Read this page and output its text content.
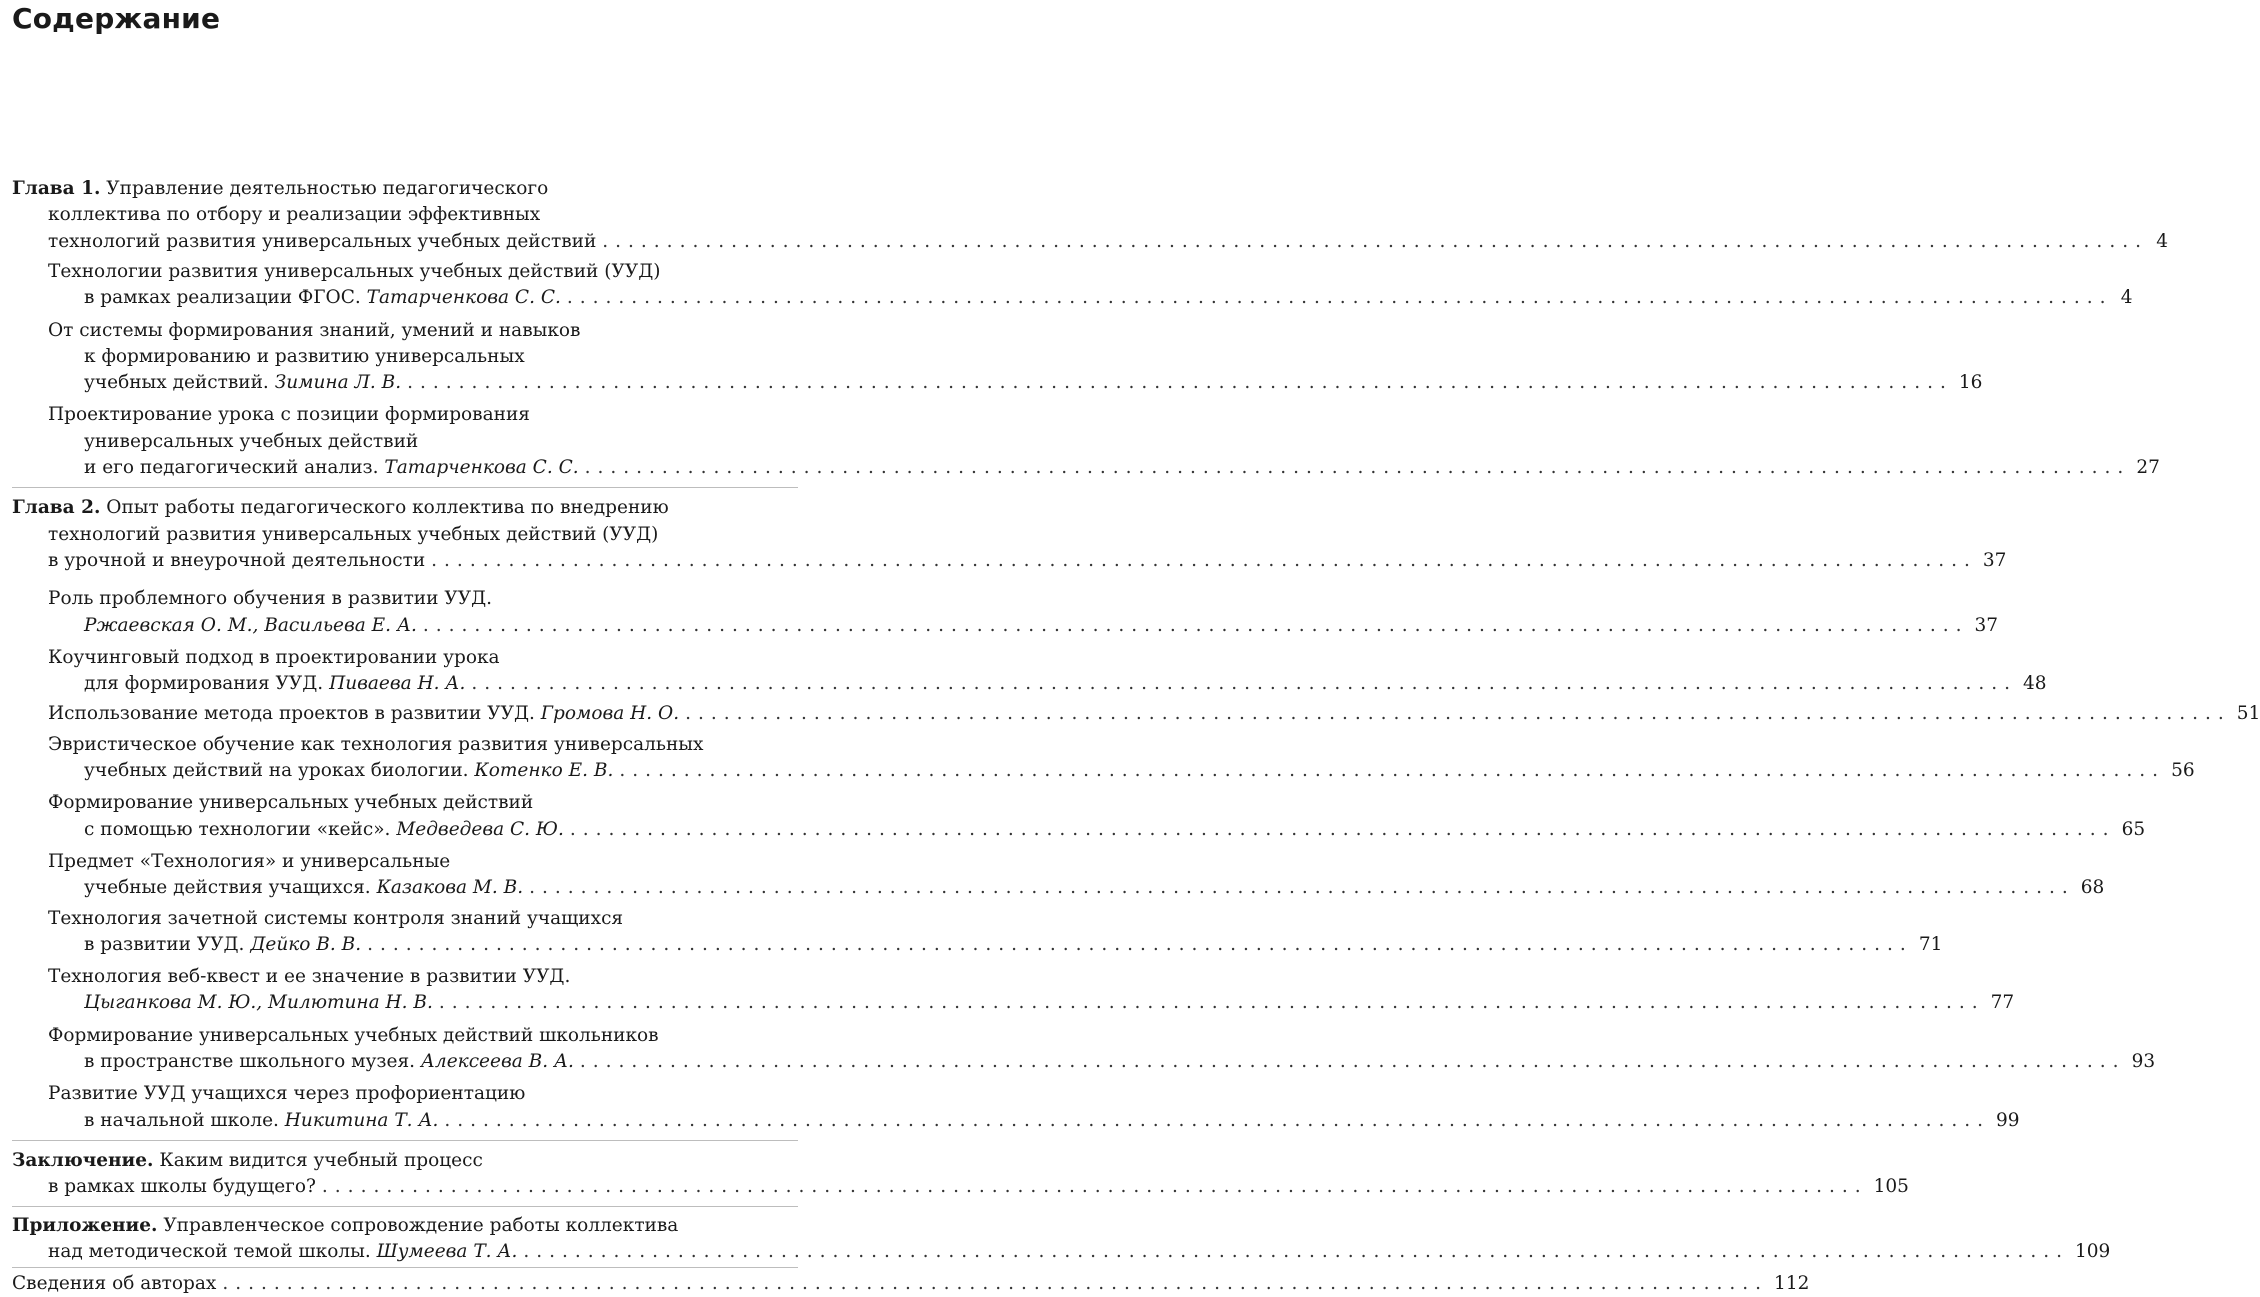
Содержание
Глава 1. Управление деятельностью педагогического
коллектива по отбору и реализации эффективных
технологий развития универсальных учебных действий ........................................................................................................................ 4
Технологии развития универсальных учебных действий (УУД)
в рамках реализации ФГОС. Татарченкова С. С. ........................................................................................................................ 4
От системы формирования знаний, умений и навыков
к формированию и развитию универсальных
учебных действий. Зимина Л. В. ........................................................................................................................ 16
Проектирование урока с позиции формирования
универсальных учебных действий
и его педагогический анализ. Татарченкова С. С. ........................................................................................................................ 27
Глава 2. Опыт работы педагогического коллектива по внедрению
технологий развития универсальных учебных действий (УУД)
в урочной и внеурочной деятельности ........................................................................................................................ 37
Роль проблемного обучения в развитии УУД.
Ржаевская О. М., Васильева Е. А. ........................................................................................................................ 37
Коучинговый подход в проектировании урока
для формирования УУД. Пиваева Н. А. ........................................................................................................................ 48
Использование метода проектов в развитии УУД. Громова Н. О. ........................................................................................................................ 51
Эвристическое обучение как технология развития универсальных
учебных действий на уроках биологии. Котенко Е. В. ........................................................................................................................ 56
Формирование универсальных учебных действий
с помощью технологии «кейс». Медведева С. Ю. ........................................................................................................................ 65
Предмет «Технология» и универсальные
учебные действия учащихся. Казакова М. В. ........................................................................................................................ 68
Технология зачетной системы контроля знаний учащихся
в развитии УУД. Дейко В. В. ........................................................................................................................ 71
Технология веб-квест и ее значение в развитии УУД.
Цыганкова М. Ю., Милютина Н. В. ........................................................................................................................ 77
Формирование универсальных учебных действий школьников
в пространстве школьного музея. Алексеева В. А. ........................................................................................................................ 93
Развитие УУД учащихся через профориентацию
в начальной школе. Никитина Т. А. ........................................................................................................................ 99
Заключение. Каким видится учебный процесс
в рамках школы будущего? ........................................................................................................................ 105
Приложение. Управленческое сопровождение работы коллектива
над методической темой школы. Шумеева Т. А. ........................................................................................................................ 109
Сведения об авторах ........................................................................................................................ 112
